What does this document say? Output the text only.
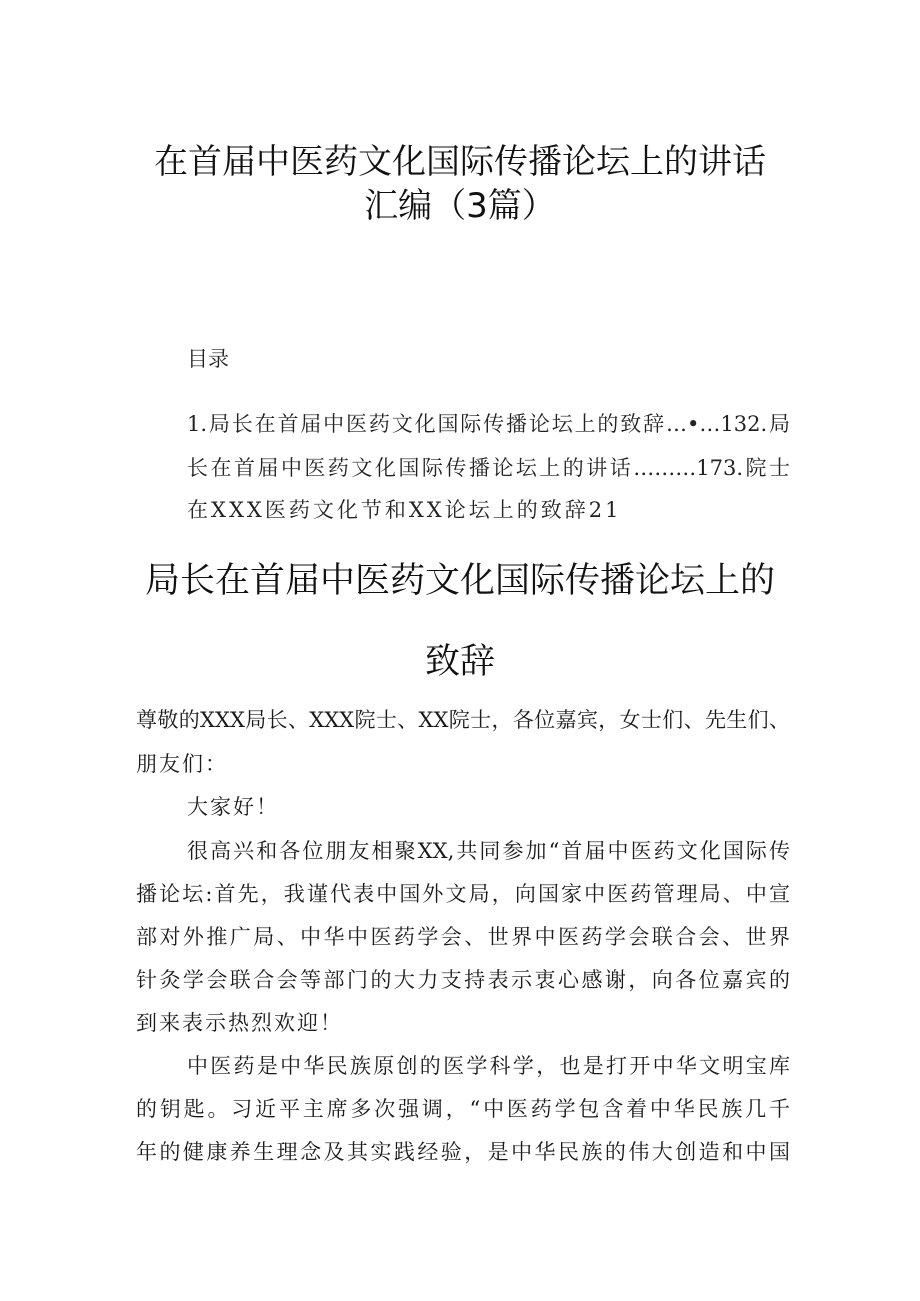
在首届中医药文化国际传播论坛上的讲话
汇编（3篇）
目录
1.局长在首届中医药文化国际传播论坛上的致辞…•…132.局
长在首届中医药文化国际传播论坛上的讲话………173.院士
在XXX医药文化节和XX论坛上的致辞21
局长在首届中医药文化国际传播论坛上的
致辞
尊敬的XXX局长、XXX院士、XX院士，各位嘉宾，女士们、先生们、
朋友们：
大家好！
很高兴和各位朋友相聚XX,共同参加“首届中医药文化国际传
播论坛:首先，我谨代表中国外文局，向国家中医药管理局、中宣
部对外推广局、中华中医药学会、世界中医药学会联合会、世界
针灸学会联合会等部门的大力支持表示衷心感谢，向各位嘉宾的
到来表示热烈欢迎！
中医药是中华民族原创的医学科学，也是打开中华文明宝库
的钥匙。习近平主席多次强调，“中医药学包含着中华民族几千
年的健康养生理念及其实践经验，是中华民族的伟大创造和中国
